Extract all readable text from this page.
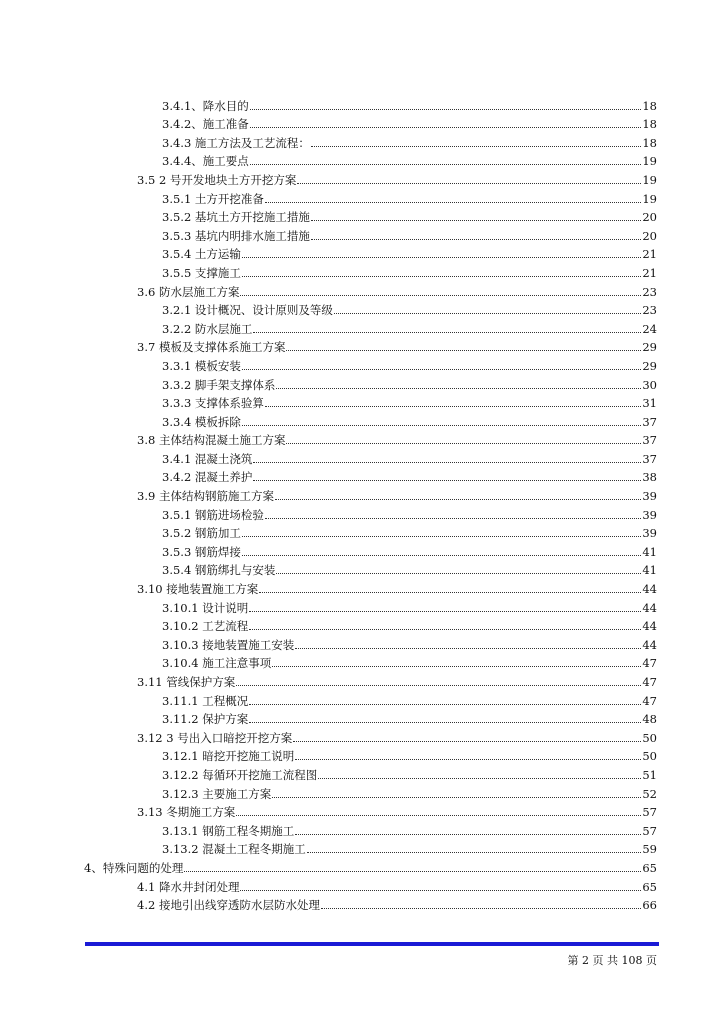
3.4.1、降水目的	18
3.4.2、施工准备	18
3.4.3 施工方法及工艺流程：	18
3.4.4、施工要点	19
3.5 2 号开发地块土方开挖方案	19
3.5.1 土方开挖准备	19
3.5.2 基坑土方开挖施工措施	20
3.5.3 基坑内明排水施工措施	20
3.5.4 土方运输	21
3.5.5 支撑施工	21
3.6 防水层施工方案	23
3.2.1 设计概况、设计原则及等级	23
3.2.2 防水层施工	24
3.7 模板及支撑体系施工方案	29
3.3.1 模板安装	29
3.3.2 脚手架支撑体系	30
3.3.3 支撑体系验算	31
3.3.4 模板拆除	37
3.8 主体结构混凝土施工方案	37
3.4.1 混凝土浇筑	37
3.4.2 混凝土养护	38
3.9 主体结构钢筋施工方案	39
3.5.1 钢筋进场检验	39
3.5.2 钢筋加工	39
3.5.3 钢筋焊接	41
3.5.4 钢筋绑扎与安装	41
3.10 接地装置施工方案	44
3.10.1 设计说明	44
3.10.2 工艺流程	44
3.10.3 接地装置施工安装	44
3.10.4 施工注意事项	47
3.11 管线保护方案	47
3.11.1 工程概况	47
3.11.2 保护方案	48
3.12 3 号出入口暗挖开挖方案	50
3.12.1 暗挖开挖施工说明	50
3.12.2 每循环开挖施工流程图	51
3.12.3 主要施工方案	52
3.13 冬期施工方案	57
3.13.1 钢筋工程冬期施工	57
3.13.2 混凝土工程冬期施工	59
4、特殊问题的处理	65
4.1 降水井封闭处理	65
4.2 接地引出线穿透防水层防水处理	66
第 2 页 共 108 页
